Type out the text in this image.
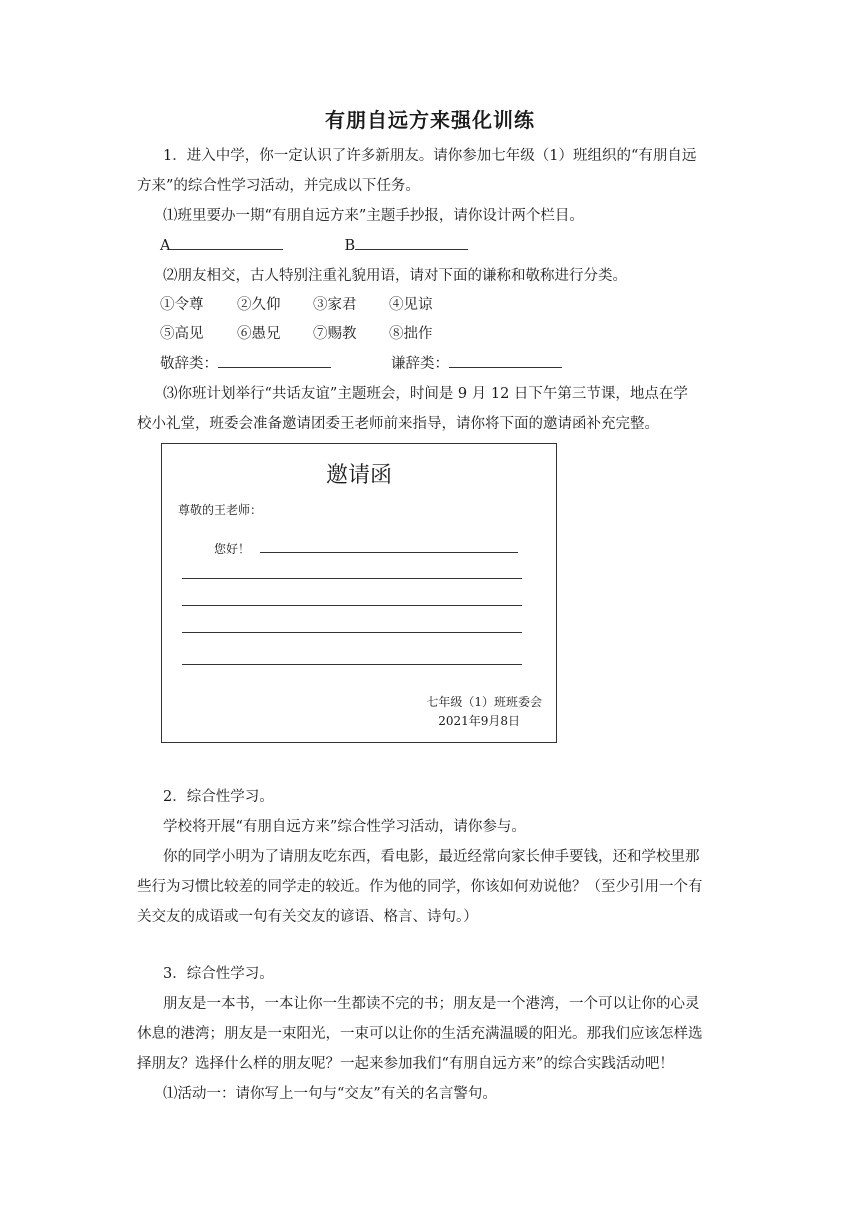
有朋自远方来强化训练
1．进入中学，你一定认识了许多新朋友。请你参加七年级（1）班组织的“有朋自远
方来”的综合性学习活动，并完成以下任务。
⑴班里要办一期“有朋自远方来”主题手抄报，请你设计两个栏目。
A	B
⑵朋友相交，古人特别注重礼貌用语，请对下面的谦称和敬称进行分类。
①令尊 ②久仰 ③家君 ④见谅
⑤高见 ⑥愚兄 ⑦赐教 ⑧拙作
敬辞类：	谦辞类：
⑶你班计划举行“共话友谊”主题班会，时间是 9 月 12 日下午第三节课，地点在学
校小礼堂，班委会准备邀请团委王老师前来指导，请你将下面的邀请函补充完整。
邀请函
尊敬的王老师：
您好！
七年级（1）班班委会
2021年9月8日
2．综合性学习。
学校将开展“有朋自远方来”综合性学习活动，请你参与。
你的同学小明为了请朋友吃东西，看电影，最近经常向家长伸手要钱，还和学校里那
些行为习惯比较差的同学走的较近。作为他的同学，你该如何劝说他？（至少引用一个有
关交友的成语或一句有关交友的谚语、格言、诗句。）
3．综合性学习。
朋友是一本书，一本让你一生都读不完的书；朋友是一个港湾，一个可以让你的心灵
休息的港湾；朋友是一束阳光，一束可以让你的生活充满温暖的阳光。那我们应该怎样选
择朋友？选择什么样的朋友呢？一起来参加我们“有朋自远方来”的综合实践活动吧！
⑴活动一：请你写上一句与“交友”有关的名言警句。
